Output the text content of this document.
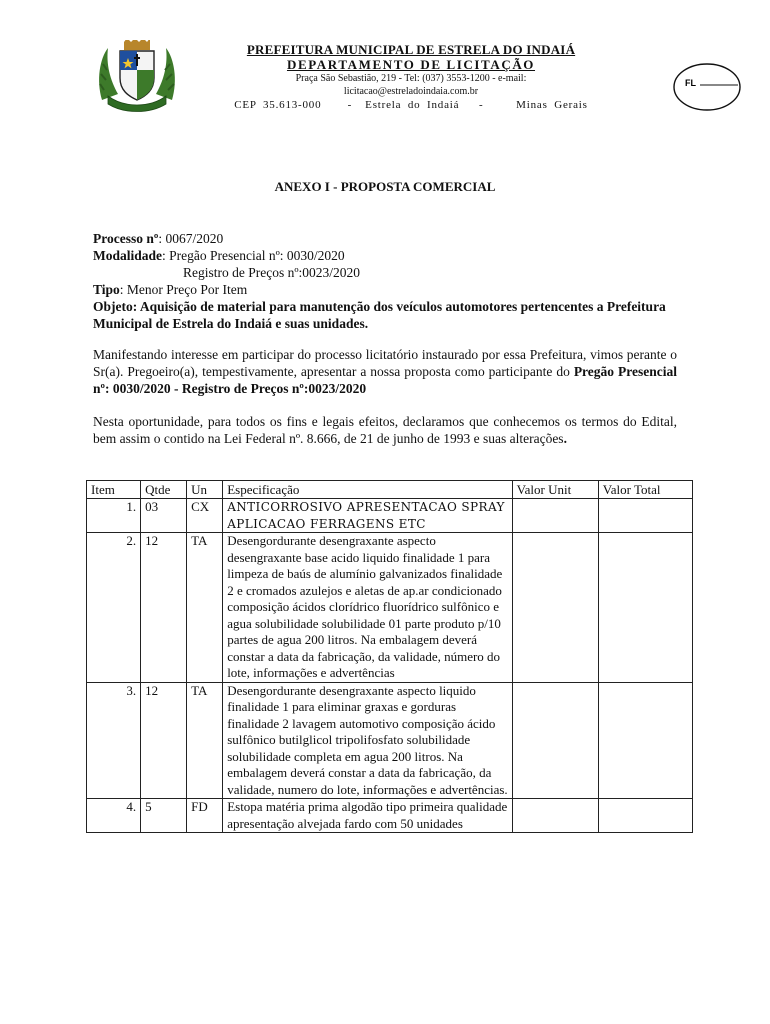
FL
PREFEITURA MUNICIPAL DE ESTRELA DO INDAIÁ
DEPARTAMENTO DE LICITAÇÃO
Praça São Sebastião, 219 - Tel: (037) 3553-1200 - e-mail:
licitacao@estreladoindaia.com.br
CEP 35.613-000    -  Estrela do Indaiá   -     Minas Gerais
ANEXO I - PROPOSTA COMERCIAL

Processo nº: 0067/2020

Modalidade: Pregão Presencial nº: 0030/2020

Registro de Preços nº:0023/2020

Tipo: Menor Preço Por Item

Objeto: Aquisição de material para manutenção dos veículos automotores pertencentes a Prefeitura Municipal de Estrela do Indaiá e suas unidades.

Manifestando interesse em participar do processo licitatório instaurado por essa Prefeitura, vimos perante o Sr(a). Pregoeiro(a), tempestivamente, apresentar a nossa proposta como participante do Pregão Presencial nº: 0030/2020 - Registro de Preços nº:0023/2020

Nesta oportunidade, para todos os fins e legais efeitos, declaramos que conhecemos os termos do Edital, bem assim o contido na Lei Federal nº. 8.666, de 21 de junho de 1993 e suas alterações.

Item	Qtde	Un	Especificação	Valor Unit	Valor Total
1.	03	CX	ANTICORROSIVO APRESENTACAO SPRAY APLICACAO FERRAGENS ETC		
2.	12	TA	Desengordurante desengraxante aspecto desengraxante base acido liquido finalidade 1 para limpeza de baús de alumínio galvanizados finalidade 2 e cromados azulejos e aletas de ap.ar condicionado composição ácidos clorídrico fluorídrico sulfônico e agua solubilidade solubilidade 01 parte produto p/10 partes de agua 200 litros. Na embalagem deverá constar a data da fabricação, da validade, número do lote, informações e advertências		
3.	12	TA	Desengordurante desengraxante aspecto liquido finalidade 1 para eliminar graxas e gorduras finalidade 2 lavagem automotivo composição ácido sulfônico butilglicol tripolifosfato solubilidade solubilidade completa em agua 200 litros. Na embalagem deverá constar a data da fabricação, da validade, numero do lote, informações e advertências.		
4.	5	FD	Estopa matéria prima algodão tipo primeira qualidade apresentação alvejada fardo com 50 unidades		
